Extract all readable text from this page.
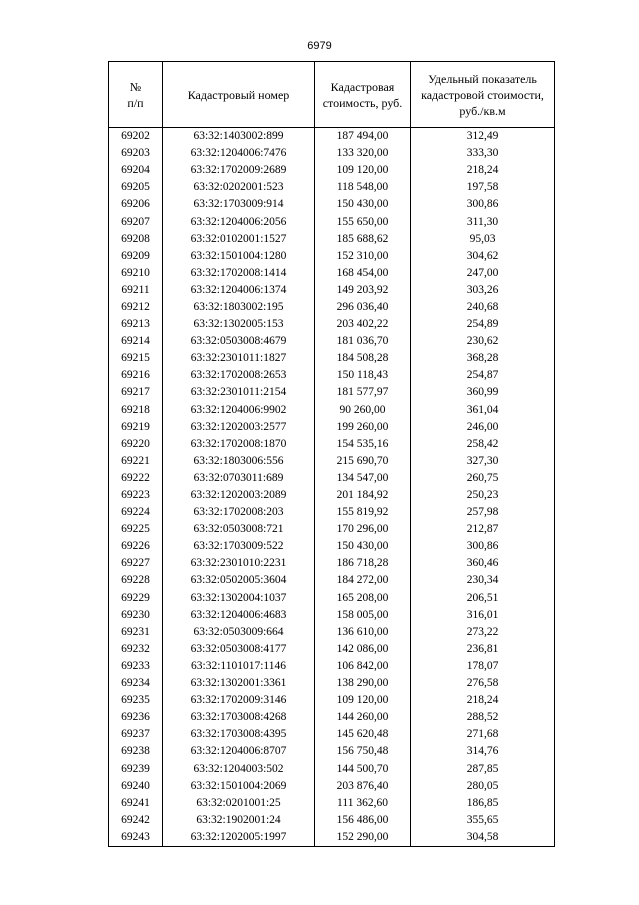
6979
№
п/п	Кадастровый номер	Кадастровая стоимость, руб.	Удельный показатель кадастровой стоимости, руб./кв.м
69202	63:32:1403002:899	187 494,00	312,49
69203	63:32:1204006:7476	133 320,00	333,30
69204	63:32:1702009:2689	109 120,00	218,24
69205	63:32:0202001:523	118 548,00	197,58
69206	63:32:1703009:914	150 430,00	300,86
69207	63:32:1204006:2056	155 650,00	311,30
69208	63:32:0102001:1527	185 688,62	95,03
69209	63:32:1501004:1280	152 310,00	304,62
69210	63:32:1702008:1414	168 454,00	247,00
69211	63:32:1204006:1374	149 203,92	303,26
69212	63:32:1803002:195	296 036,40	240,68
69213	63:32:1302005:153	203 402,22	254,89
69214	63:32:0503008:4679	181 036,70	230,62
69215	63:32:2301011:1827	184 508,28	368,28
69216	63:32:1702008:2653	150 118,43	254,87
69217	63:32:2301011:2154	181 577,97	360,99
69218	63:32:1204006:9902	90 260,00	361,04
69219	63:32:1202003:2577	199 260,00	246,00
69220	63:32:1702008:1870	154 535,16	258,42
69221	63:32:1803006:556	215 690,70	327,30
69222	63:32:0703011:689	134 547,00	260,75
69223	63:32:1202003:2089	201 184,92	250,23
69224	63:32:1702008:203	155 819,92	257,98
69225	63:32:0503008:721	170 296,00	212,87
69226	63:32:1703009:522	150 430,00	300,86
69227	63:32:2301010:2231	186 718,28	360,46
69228	63:32:0502005:3604	184 272,00	230,34
69229	63:32:1302004:1037	165 208,00	206,51
69230	63:32:1204006:4683	158 005,00	316,01
69231	63:32:0503009:664	136 610,00	273,22
69232	63:32:0503008:4177	142 086,00	236,81
69233	63:32:1101017:1146	106 842,00	178,07
69234	63:32:1302001:3361	138 290,00	276,58
69235	63:32:1702009:3146	109 120,00	218,24
69236	63:32:1703008:4268	144 260,00	288,52
69237	63:32:1703008:4395	145 620,48	271,68
69238	63:32:1204006:8707	156 750,48	314,76
69239	63:32:1204003:502	144 500,70	287,85
69240	63:32:1501004:2069	203 876,40	280,05
69241	63:32:0201001:25	111 362,60	186,85
69242	63:32:1902001:24	156 486,00	355,65
69243	63:32:1202005:1997	152 290,00	304,58
